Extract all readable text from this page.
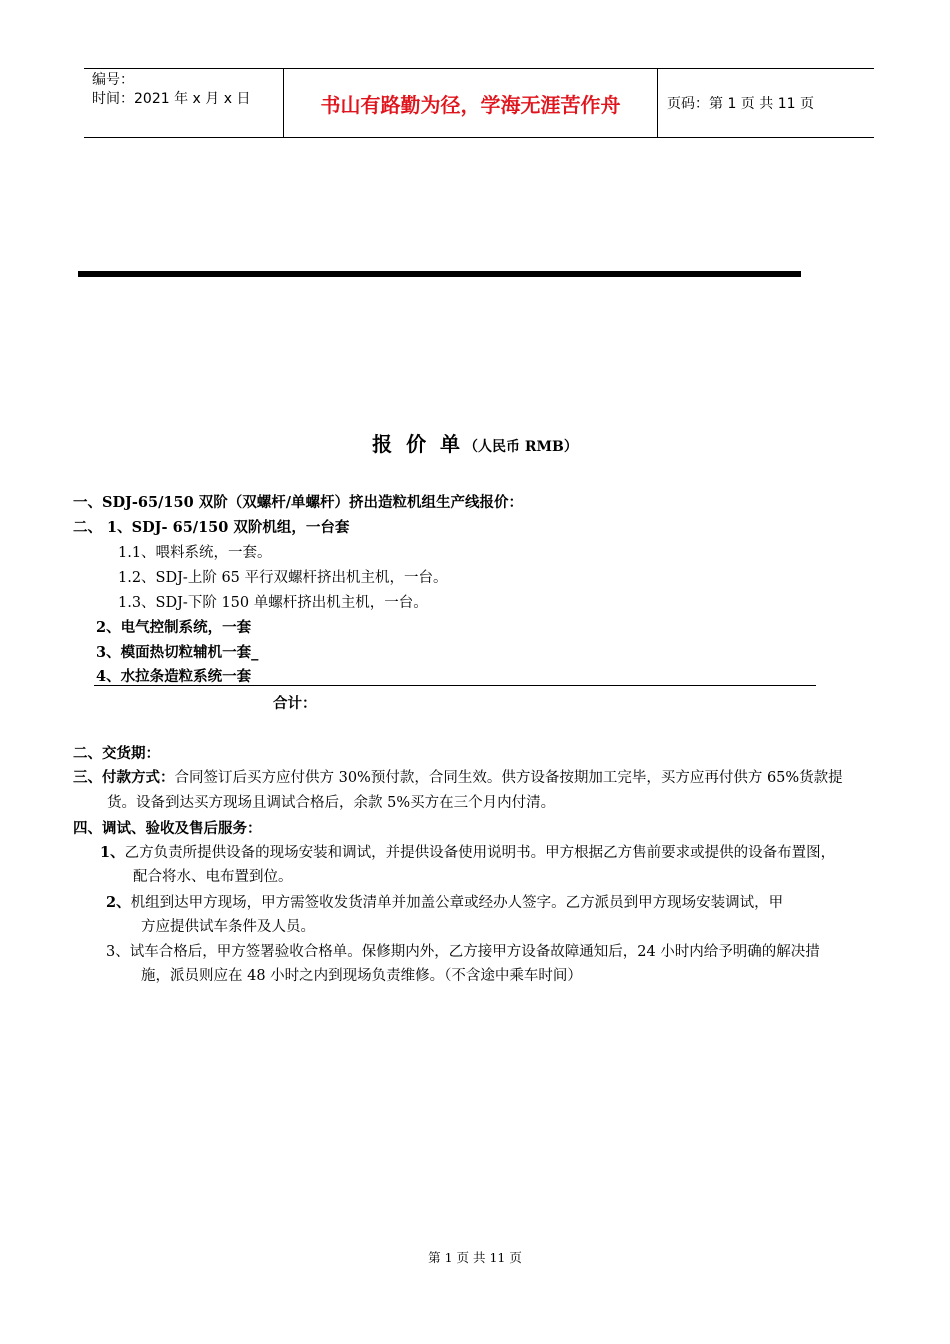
编号：
时间：2021 年 x 月 x 日	书山有路勤为径，学海无涯苦作舟	页码：第 1 页 共 11 页
报  价  单 （人民币 RMB）
一、SDJ-65/150 双阶（双螺杆/单螺杆）挤出造粒机组生产线报价：
二、 1、SDJ- 65/150 双阶机组，一台套
1.1、喂料系统，一套。
1.2、SDJ-上阶 65 平行双螺杆挤出机主机，一台。
1.3、SDJ-下阶 150 单螺杆挤出机主机，一台。
2、电气控制系统，一套
3、模面热切粒辅机一套_
4、水拉条造粒系统一套
合计：
二、交货期：
三、付款方式：合同签订后买方应付供方 30%预付款，合同生效。供方设备按期加工完毕，买方应再付供方 65%货款提
货。设备到达买方现场且调试合格后，余款 5%买方在三个月内付清。
四、调试、验收及售后服务：
1、乙方负责所提供设备的现场安装和调试，并提供设备使用说明书。甲方根据乙方售前要求或提供的设备布置图，
配合将水、电布置到位。
2、机组到达甲方现场，甲方需签收发货清单并加盖公章或经办人签字。乙方派员到甲方现场安装调试，甲
方应提供试车条件及人员。
3、试车合格后，甲方签署验收合格单。保修期内外，乙方接甲方设备故障通知后，24 小时内给予明确的解决措
施，派员则应在 48 小时之内到现场负责维修。（不含途中乘车时间）
第 1 页 共 11 页
